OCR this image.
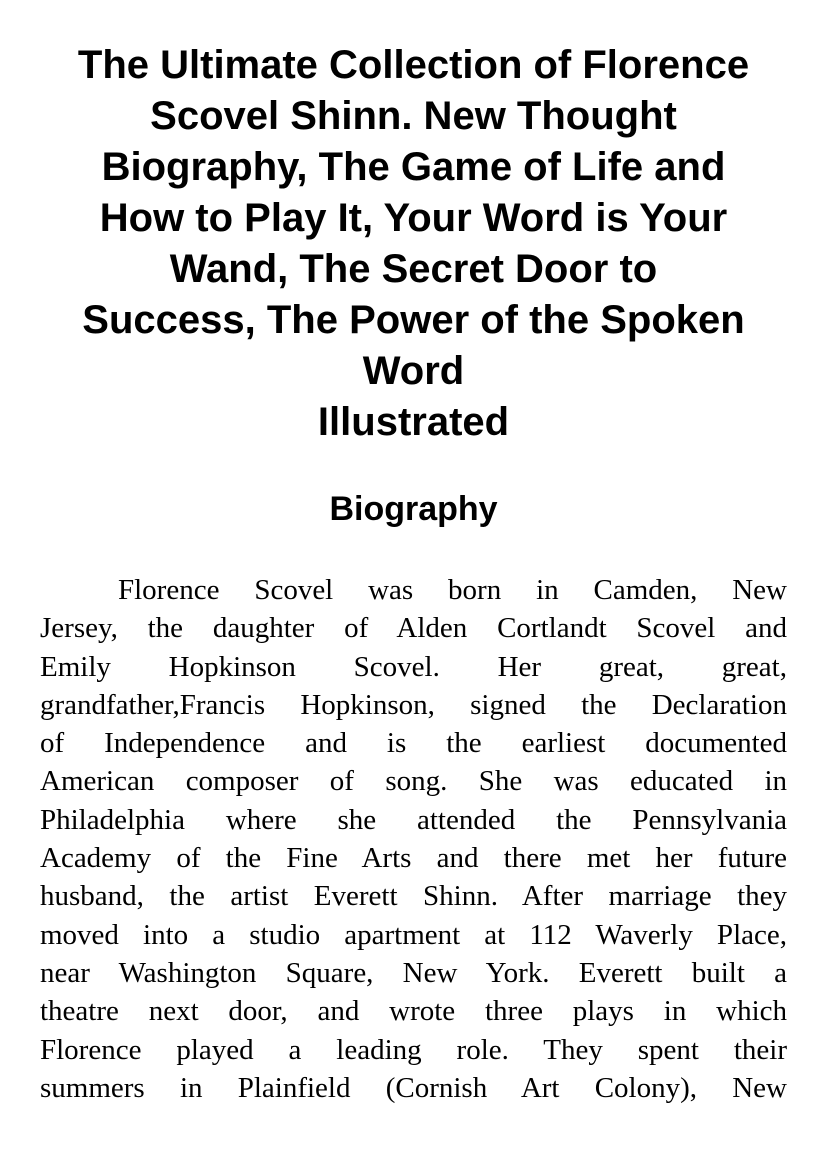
The Ultimate Collection of Florence
Scovel Shinn. New Thought
Biography, The Game of Life and
How to Play It, Your Word is Your
Wand, The Secret Door to
Success, The Power of the Spoken
Word
Illustrated
Biography
Florence Scovel was born in Camden, New
Jersey, the daughter of Alden Cortlandt Scovel and
Emily Hopkinson Scovel. Her great, great,
grandfather,Francis Hopkinson, signed the Declaration
of Independence and is the earliest documented
American composer of song. She was educated in
Philadelphia where she attended the Pennsylvania
Academy of the Fine Arts and there met her future
husband, the artist Everett Shinn. After marriage they
moved into a studio apartment at 112 Waverly Place,
near Washington Square, New York. Everett built a
theatre next door, and wrote three plays in which
Florence played a leading role. They spent their
summers in Plainfield (Cornish Art Colony), New
